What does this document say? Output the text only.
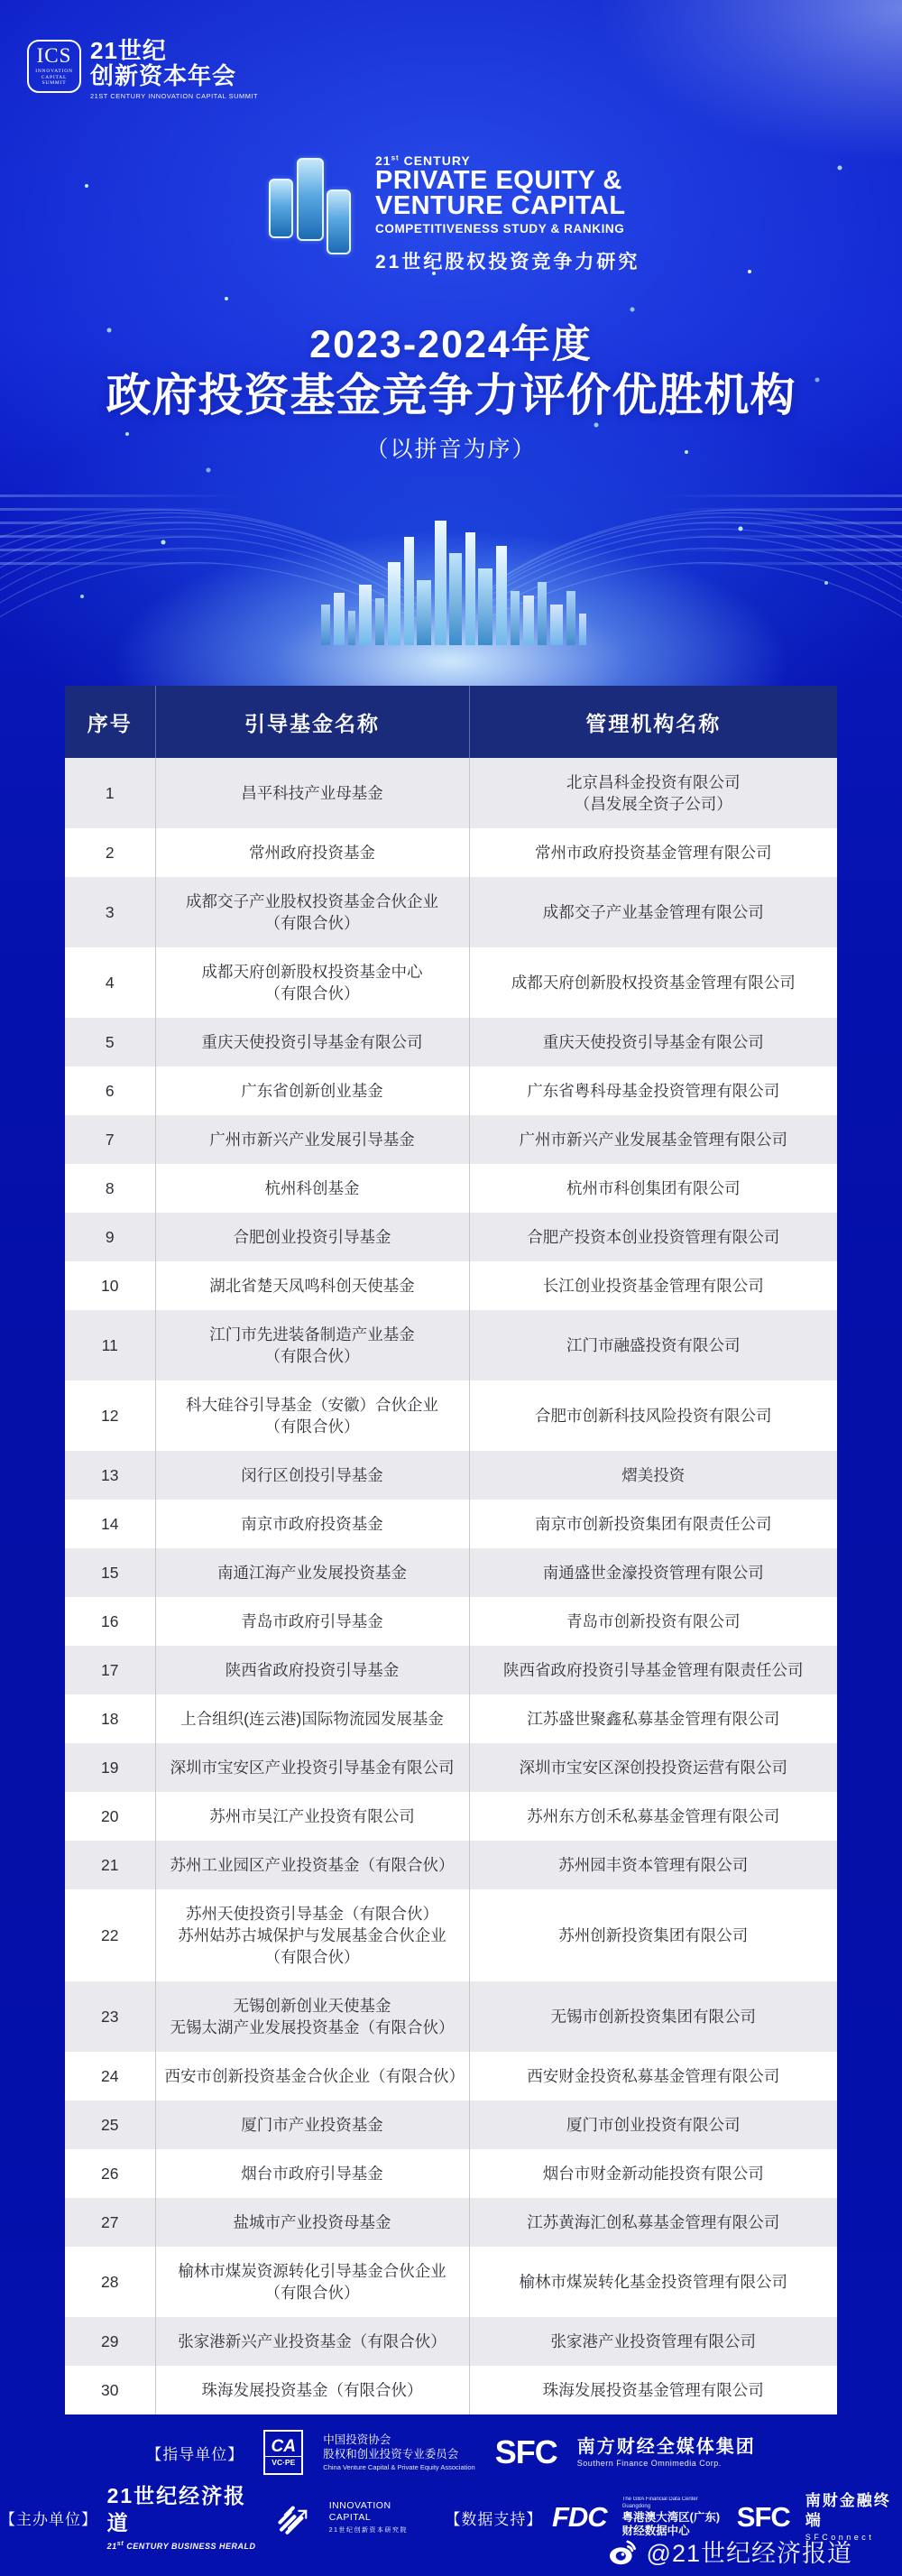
ICS
INNOVATION
CAPITAL
SUMMIT
21世纪
创新资本年会
21ST CENTURY INNOVATION CAPITAL SUMMIT
21st CENTURY
PRIVATE EQUITY &
VENTURE CAPITAL
COMPETITIVENESS STUDY & RANKING
21世纪股权投资竞争力研究
2023-2024年度
政府投资基金竞争力评价优胜机构
（以拼音为序）
序号	引导基金名称	管理机构名称

1	昌平科技产业母基金	北京昌科金投资有限公司
（昌发展全资子公司）

2	常州政府投资基金	常州市政府投资基金管理有限公司

3	成都交子产业股权投资基金合伙企业
（有限合伙）	成都交子产业基金管理有限公司

4	成都天府创新股权投资基金中心
（有限合伙）	成都天府创新股权投资基金管理有限公司

5	重庆天使投资引导基金有限公司	重庆天使投资引导基金有限公司

6	广东省创新创业基金	广东省粤科母基金投资管理有限公司

7	广州市新兴产业发展引导基金	广州市新兴产业发展基金管理有限公司

8	杭州科创基金	杭州市科创集团有限公司

9	合肥创业投资引导基金	合肥产投资本创业投资管理有限公司

10	湖北省楚天凤鸣科创天使基金	长江创业投资基金管理有限公司

11	江门市先进装备制造产业基金
（有限合伙）	江门市融盛投资有限公司

12	科大硅谷引导基金（安徽）合伙企业
（有限合伙）	合肥市创新科技风险投资有限公司

13	闵行区创投引导基金	熠美投资

14	南京市政府投资基金	南京市创新投资集团有限责任公司

15	南通江海产业发展投资基金	南通盛世金濠投资管理有限公司

16	青岛市政府引导基金	青岛市创新投资有限公司

17	陕西省政府投资引导基金	陕西省政府投资引导基金管理有限责任公司

18	上合组织(连云港)国际物流园发展基金	江苏盛世聚鑫私募基金管理有限公司

19	深圳市宝安区产业投资引导基金有限公司	深圳市宝安区深创投投资运营有限公司

20	苏州市吴江产业投资有限公司	苏州东方创禾私募基金管理有限公司

21	苏州工业园区产业投资基金（有限合伙）	苏州园丰资本管理有限公司

22	苏州天使投资引导基金（有限合伙）
苏州姑苏古城保护与发展基金合伙企业
（有限合伙）	苏州创新投资集团有限公司

23	无锡创新创业天使基金
无锡太湖产业发展投资基金（有限合伙）	无锡市创新投资集团有限公司

24	西安市创新投资基金合伙企业（有限合伙）	西安财金投资私募基金管理有限公司

25	厦门市产业投资基金	厦门市创业投资有限公司

26	烟台市政府引导基金	烟台市财金新动能投资有限公司

27	盐城市产业投资母基金	江苏黄海汇创私募基金管理有限公司

28	榆林市煤炭资源转化引导基金合伙企业
（有限合伙）	榆林市煤炭转化基金投资管理有限公司

29	张家港新兴产业投资基金（有限合伙）	张家港产业投资管理有限公司

30	珠海发展投资基金（有限合伙）	珠海发展投资基金管理有限公司
【指导单位】 CA
VC·PE
中国投资协会
股权和创业投资专业委员会
China Venture Capital & Private Equity Association SFC 南方财经全媒体集团
Southern Finance Omnimedia Corp.
【主办单位】
21世纪经济报道
21st CENTURY BUSINESS HERALD
INNOVATION CAPITAL
21世纪创新资本研究院
【数据支持】 FDC
The GBA Financial Data Center Guangdong
粤港澳大湾区(广东)
财经数据中心	SFC
南财金融终端
SFConnect
@21世纪经济报道
